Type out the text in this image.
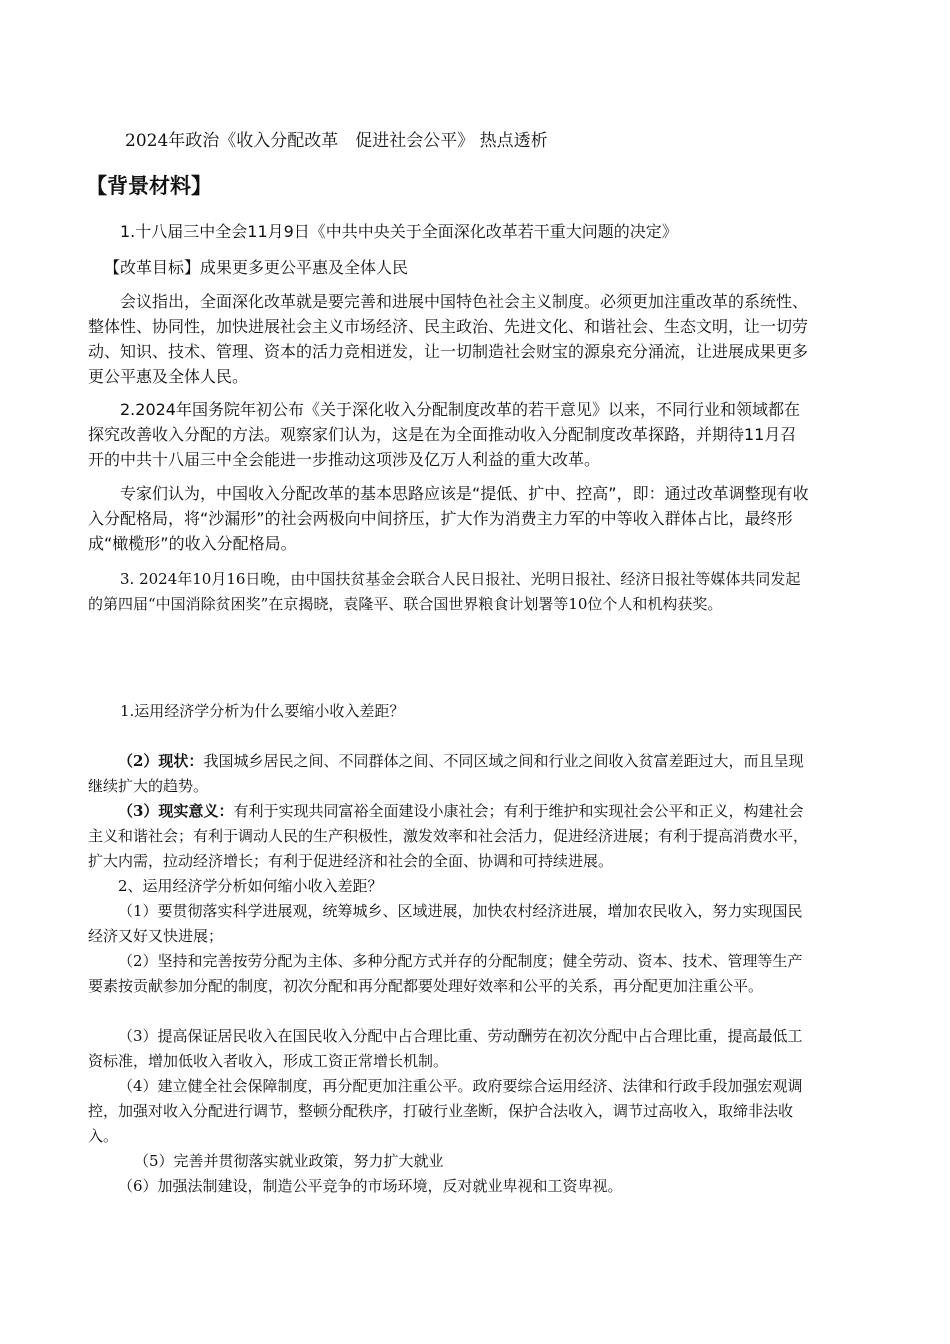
2024年政治《收入分配改革　促进社会公平》 热点透析
【背景材料】

1.十八届三中全会11月9日《中共中央关于全面深化改革若干重大问题的决定》

【改革目标】成果更多更公平惠及全体人民

会议指出，全面深化改革就是要完善和进展中国特色社会主义制度。必须更加注重改革的系统性、整体性、协同性，加快进展社会主义市场经济、民主政治、先进文化、和谐社会、生态文明，让一切劳动、知识、技术、管理、资本的活力竞相迸发，让一切制造社会财宝的源泉充分涌流，让进展成果更多更公平惠及全体人民。

2.2024年国务院年初公布《关于深化收入分配制度改革的若干意见》以来，不同行业和领域都在探究改善收入分配的方法。观察家们认为，这是在为全面推动收入分配制度改革探路，并期待11月召开的中共十八届三中全会能进一步推动这项涉及亿万人利益的重大改革。

专家们认为，中国收入分配改革的基本思路应该是“提低、扩中、控高”，即：通过改革调整现有收入分配格局，将“沙漏形”的社会两极向中间挤压，扩大作为消费主力军的中等收入群体占比，最终形成“橄榄形”的收入分配格局。

3. 2024年10月16日晚，由中国扶贫基金会联合人民日报社、光明日报社、经济日报社等媒体共同发起的第四届“中国消除贫困奖”在京揭晓，袁隆平、联合国世界粮食计划署等10位个人和机构获奖。

1.运用经济学分析为什么要缩小收入差距？

（2）现状：我国城乡居民之间、不同群体之间、不同区域之间和行业之间收入贫富差距过大，而且呈现继续扩大的趋势。

（3）现实意义：有利于实现共同富裕全面建设小康社会；有利于维护和实现社会公平和正义，构建社会主义和谐社会；有利于调动人民的生产积极性，激发效率和社会活力，促进经济进展；有利于提高消费水平，扩大内需，拉动经济增长；有利于促进经济和社会的全面、协调和可持续进展。

2、运用经济学分析如何缩小收入差距？

（1）要贯彻落实科学进展观，统筹城乡、区域进展，加快农村经济进展，增加农民收入，努力实现国民经济又好又快进展；

（2）坚持和完善按劳分配为主体、多种分配方式并存的分配制度；健全劳动、资本、技术、管理等生产要素按贡献参加分配的制度，初次分配和再分配都要处理好效率和公平的关系，再分配更加注重公平。

（3）提高保证居民收入在国民收入分配中占合理比重、劳动酬劳在初次分配中占合理比重，提高最低工资标准，增加低收入者收入，形成工资正常增长机制。

（4）建立健全社会保障制度，再分配更加注重公平。政府要综合运用经济、法律和行政手段加强宏观调控，加强对收入分配进行调节，整顿分配秩序，打破行业垄断，保护合法收入，调节过高收入，取缔非法收入。

（5）完善并贯彻落实就业政策，努力扩大就业

（6）加强法制建设，制造公平竞争的市场环境，反对就业卑视和工资卑视。
